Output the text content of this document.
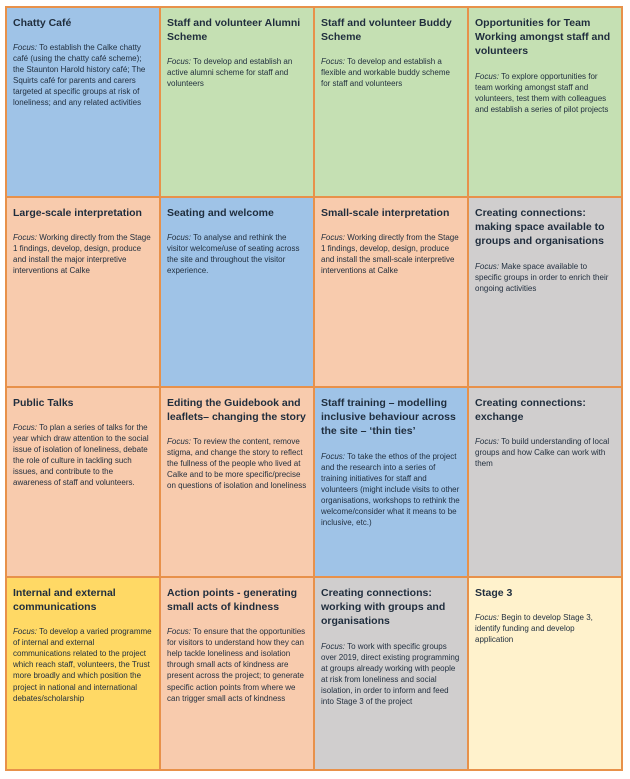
Chatty Café

Focus: To establish the Calke chatty café (using the chatty café scheme); the Staunton Harold history café; The Squirts café for parents and carers targeted at specific groups at risk of loneliness; and any related activities

Staff and volunteer Alumni Scheme

Focus: To develop and establish an active alumni scheme for staff and volunteers

Staff and volunteer Buddy Scheme

Focus: To develop and establish a flexible and workable buddy scheme for staff and volunteers

Opportunities for Team Working amongst staff and volunteers

Focus: To explore opportunities for team working amongst staff and volunteers, test them with colleagues and establish a series of pilot projects

Large-scale interpretation

Focus: Working directly from the Stage 1 findings, develop, design, produce and install the major interpretive interventions at Calke

Seating and welcome

Focus: To analyse and rethink the visitor welcome/use of seating across the site and throughout the visitor experience.

Small-scale interpretation

Focus: Working directly from the Stage 1 findings, develop, design, produce and install the small-scale interpretive interventions at Calke

Creating connections: making space available to groups and organisations

Focus: Make space available to specific groups in order to enrich their ongoing activities

Public Talks

Focus: To plan a series of talks for the year which draw attention to the social issue of isolation of loneliness, debate the role of culture in tackling such issues, and contribute to the awareness of staff and volunteers.

Editing the Guidebook and leaflets– changing the story

Focus: To review the content, remove stigma, and change the story to reflect the fullness of the people who lived at Calke and to be more specific/precise on questions of isolation and loneliness

Staff training – modelling inclusive behaviour across the site – ‘thin ties’

Focus: To take the ethos of the project and the research into a series of training initiatives for staff and volunteers (might include visits to other organisations, workshops to rethink the welcome/consider what it means to be inclusive, etc.)

Creating connections: exchange

Focus: To build understanding of local groups and how Calke can work with them

Internal and external communications

Focus: To develop a varied programme of internal and external communications related to the project which reach staff, volunteers, the Trust more broadly and which position the project in national and international debates/scholarship

Action points - generating small acts of kindness

Focus: To ensure that the opportunities for visitors to understand how they can help tackle loneliness and isolation through small acts of kindness are present across the project; to generate specific action points from where we can trigger small acts of kindness

Creating connections: working with groups and organisations

Focus: To work with specific groups over 2019, direct existing programming at groups already working with people at risk from loneliness and social isolation, in order to inform and feed into Stage 3 of the project

Stage 3

Focus: Begin to develop Stage 3, identify funding and develop application
